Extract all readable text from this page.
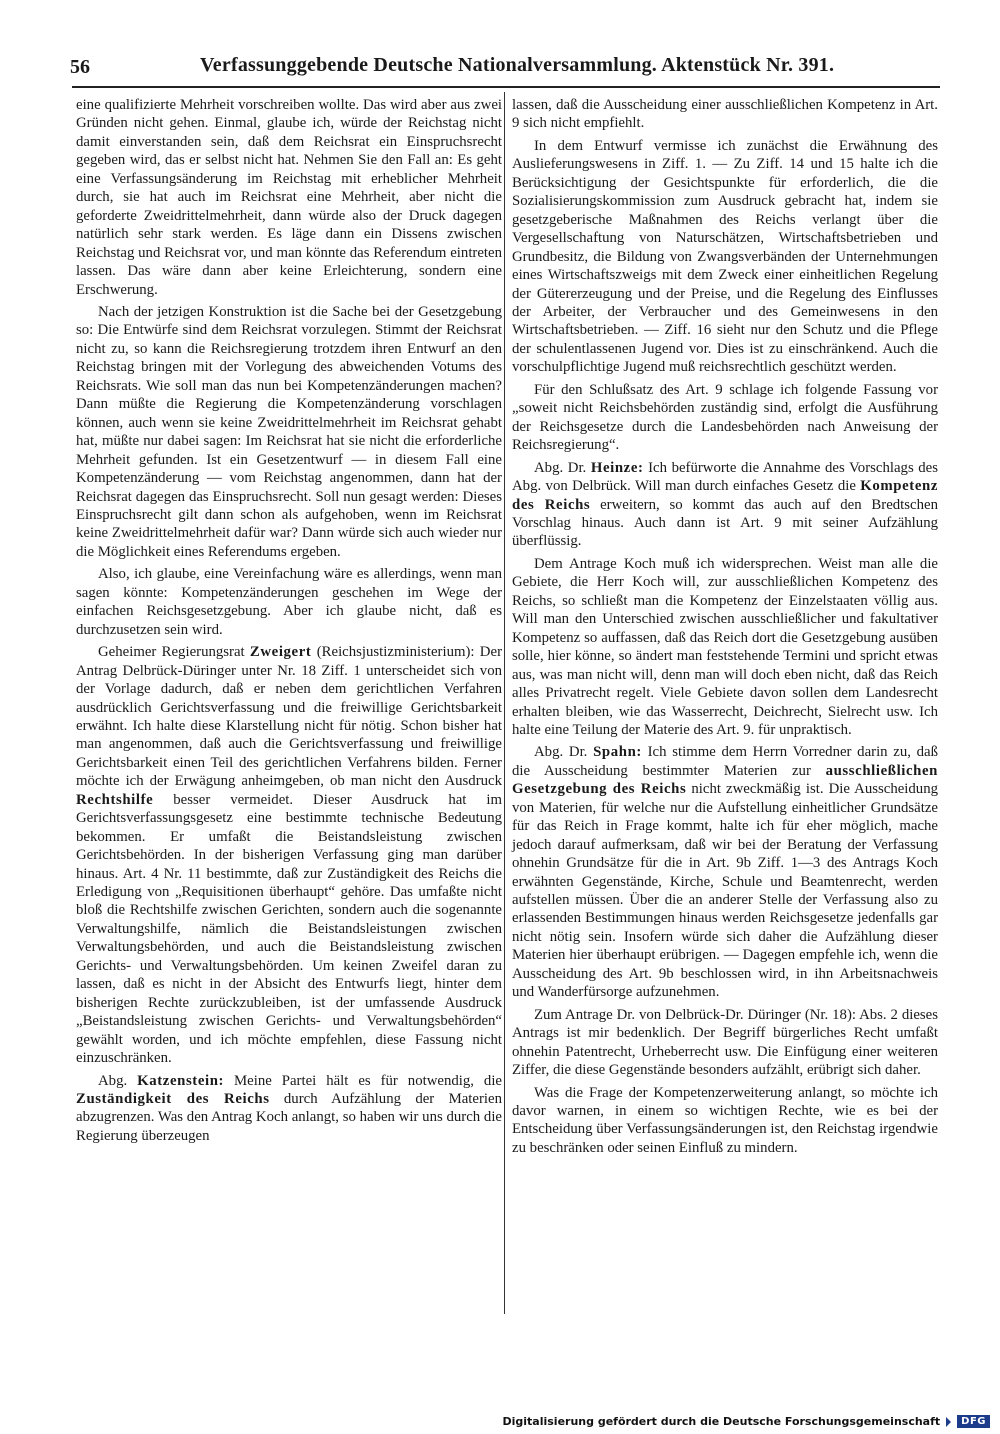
56	Verfassunggebende Deutsche Nationalversammlung. Aktenstück Nr. 391.

eine qualifizierte Mehrheit vorschreiben wollte. Das wird aber aus zwei Gründen nicht gehen. Einmal, glaube ich, würde der Reichstag nicht damit einverstanden sein, daß dem Reichsrat ein Einspruchsrecht gegeben wird, das er selbst nicht hat. Nehmen Sie den Fall an: Es geht eine Verfassungsänderung im Reichstag mit erheblicher Mehrheit durch, sie hat auch im Reichsrat eine Mehrheit, aber nicht die geforderte Zweidrittelmehrheit, dann würde also der Druck dagegen natürlich sehr stark werden. Es läge dann ein Dissens zwischen Reichstag und Reichsrat vor, und man könnte das Referendum eintreten lassen. Das wäre dann aber keine Erleichterung, sondern eine Erschwerung.

Nach der jetzigen Konstruktion ist die Sache bei der Gesetzgebung so: Die Entwürfe sind dem Reichsrat vorzulegen. Stimmt der Reichsrat nicht zu, so kann die Reichsregierung trotzdem ihren Entwurf an den Reichstag bringen mit der Vorlegung des abweichenden Votums des Reichsrats. Wie soll man das nun bei Kompetenzänderungen machen? Dann müßte die Regierung die Kompetenzänderung vorschlagen können, auch wenn sie keine Zweidrittelmehrheit im Reichsrat gehabt hat, müßte nur dabei sagen: Im Reichsrat hat sie nicht die erforderliche Mehrheit gefunden. Ist ein Gesetzentwurf — in diesem Fall eine Kompetenzänderung — vom Reichstag angenommen, dann hat der Reichsrat dagegen das Einspruchsrecht. Soll nun gesagt werden: Dieses Einspruchsrecht gilt dann schon als aufgehoben, wenn im Reichsrat keine Zweidrittelmehrheit dafür war? Dann würde sich auch wieder nur die Möglichkeit eines Referendums ergeben.

Also, ich glaube, eine Vereinfachung wäre es allerdings, wenn man sagen könnte: Kompetenzänderungen geschehen im Wege der einfachen Reichsgesetzgebung. Aber ich glaube nicht, daß es durchzusetzen sein wird.

Geheimer Regierungsrat Zweigert (Reichsjustizministerium): Der Antrag Delbrück-Düringer unter Nr. 18 Ziff. 1 unterscheidet sich von der Vorlage dadurch, daß er neben dem gerichtlichen Verfahren ausdrücklich Gerichtsverfassung und die freiwillige Gerichtsbarkeit erwähnt. Ich halte diese Klarstellung nicht für nötig. Schon bisher hat man angenommen, daß auch die Gerichtsverfassung und freiwillige Gerichtsbarkeit einen Teil des gerichtlichen Verfahrens bilden. Ferner möchte ich der Erwägung anheimgeben, ob man nicht den Ausdruck Rechtshilfe besser vermeidet. Dieser Ausdruck hat im Gerichtsverfassungsgesetz eine bestimmte technische Bedeutung bekommen. Er umfaßt die Beistandsleistung zwischen Gerichtsbehörden. In der bisherigen Verfassung ging man darüber hinaus. Art. 4 Nr. 11 bestimmte, daß zur Zuständigkeit des Reichs die Erledigung von „Requisitionen überhaupt“ gehöre. Das umfaßte nicht bloß die Rechtshilfe zwischen Gerichten, sondern auch die sogenannte Verwaltungshilfe, nämlich die Beistandsleistungen zwischen Verwaltungsbehörden, und auch die Beistandsleistung zwischen Gerichts- und Verwaltungsbehörden. Um keinen Zweifel daran zu lassen, daß es nicht in der Absicht des Entwurfs liegt, hinter dem bisherigen Rechte zurückzubleiben, ist der umfassende Ausdruck „Beistandsleistung zwischen Gerichts- und Verwaltungsbehörden“ gewählt worden, und ich möchte empfehlen, diese Fassung nicht einzuschränken.

Abg. Katzenstein: Meine Partei hält es für notwendig, die Zuständigkeit des Reichs durch Aufzählung der Materien abzugrenzen. Was den Antrag Koch anlangt, so haben wir uns durch die Regierung überzeugen

lassen, daß die Ausscheidung einer ausschließlichen Kompetenz in Art. 9 sich nicht empfiehlt.

In dem Entwurf vermisse ich zunächst die Erwähnung des Auslieferungswesens in Ziff. 1. — Zu Ziff. 14 und 15 halte ich die Berücksichtigung der Gesichtspunkte für erforderlich, die die Sozialisierungskommission zum Ausdruck gebracht hat, indem sie gesetzgeberische Maßnahmen des Reichs verlangt über die Vergesellschaftung von Naturschätzen, Wirtschaftsbetrieben und Grundbesitz, die Bildung von Zwangsverbänden der Unternehmungen eines Wirtschaftszweigs mit dem Zweck einer einheitlichen Regelung der Gütererzeugung und der Preise, und die Regelung des Einflusses der Arbeiter, der Verbraucher und des Gemeinwesens in den Wirtschaftsbetrieben. — Ziff. 16 sieht nur den Schutz und die Pflege der schulentlassenen Jugend vor. Dies ist zu einschränkend. Auch die vorschulpflichtige Jugend muß reichsrechtlich geschützt werden.

Für den Schlußsatz des Art. 9 schlage ich folgende Fassung vor „soweit nicht Reichsbehörden zuständig sind, erfolgt die Ausführung der Reichsgesetze durch die Landesbehörden nach Anweisung der Reichsregierung“.

Abg. Dr. Heinze: Ich befürworte die Annahme des Vorschlags des Abg. von Delbrück. Will man durch einfaches Gesetz die Kompetenz des Reichs erweitern, so kommt das auch auf den Bredtschen Vorschlag hinaus. Auch dann ist Art. 9 mit seiner Aufzählung überflüssig.

Dem Antrage Koch muß ich widersprechen. Weist man alle die Gebiete, die Herr Koch will, zur ausschließlichen Kompetenz des Reichs, so schließt man die Kompetenz der Einzelstaaten völlig aus. Will man den Unterschied zwischen ausschließlicher und fakultativer Kompetenz so auffassen, daß das Reich dort die Gesetzgebung ausüben solle, hier könne, so ändert man feststehende Termini und spricht etwas aus, was man nicht will, denn man will doch eben nicht, daß das Reich alles Privatrecht regelt. Viele Gebiete davon sollen dem Landesrecht erhalten bleiben, wie das Wasserrecht, Deichrecht, Sielrecht usw. Ich halte eine Teilung der Materie des Art. 9. für unpraktisch.

Abg. Dr. Spahn: Ich stimme dem Herrn Vorredner darin zu, daß die Ausscheidung bestimmter Materien zur ausschließlichen Gesetzgebung des Reichs nicht zweckmäßig ist. Die Ausscheidung von Materien, für welche nur die Aufstellung einheitlicher Grundsätze für das Reich in Frage kommt, halte ich für eher möglich, mache jedoch darauf aufmerksam, daß wir bei der Beratung der Verfassung ohnehin Grundsätze für die in Art. 9b Ziff. 1—3 des Antrags Koch erwähnten Gegenstände, Kirche, Schule und Beamtenrecht, werden aufstellen müssen. Über die an anderer Stelle der Verfassung also zu erlassenden Bestimmungen hinaus werden Reichsgesetze jedenfalls gar nicht nötig sein. Insofern würde sich daher die Aufzählung dieser Materien hier überhaupt erübrigen. — Dagegen empfehle ich, wenn die Ausscheidung des Art. 9b beschlossen wird, in ihn Arbeitsnachweis und Wanderfürsorge aufzunehmen.

Zum Antrage Dr. von Delbrück-Dr. Düringer (Nr. 18): Abs. 2 dieses Antrags ist mir bedenklich. Der Begriff bürgerliches Recht umfaßt ohnehin Patentrecht, Urheberrecht usw. Die Einfügung einer weiteren Ziffer, die diese Gegenstände besonders aufzählt, erübrigt sich daher.

Was die Frage der Kompetenzerweiterung anlangt, so möchte ich davor warnen, in einem so wichtigen Rechte, wie es bei der Entscheidung über Verfassungsänderungen ist, den Reichstag irgendwie zu beschränken oder seinen Einfluß zu mindern.

Digitalisierung gefördert durch die Deutsche Forschungsgemeinschaft	DFG
